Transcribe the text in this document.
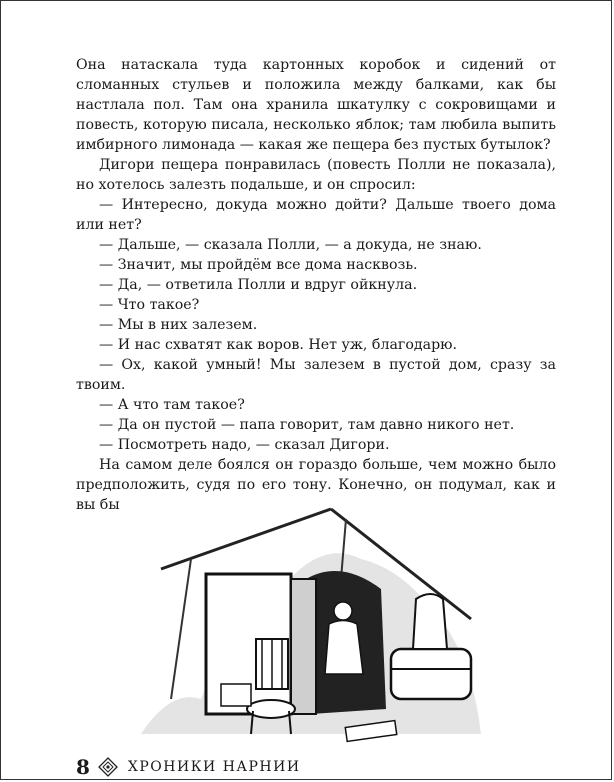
Она натаскала туда картонных коробок и сидений от сломанных стульев и положила между балками, как бы настлала пол. Там она хранила шкатулку с сокровищами и повесть, которую писала, несколько яблок; там любила выпить имбирного лимонада — какая же пещера без пустых бутылок?

Дигори пещера понравилась (повесть Полли не показала), но хотелось залезть подальше, и он спросил:

— Интересно, докуда можно дойти? Дальше твоего дома или нет?

— Дальше, — сказала Полли, — а докуда, не знаю.

— Значит, мы пройдём все дома насквозь.

— Да, — ответила Полли и вдруг ойкнула.

— Что такое?

— Мы в них залезем.

— И нас схватят как воров. Нет уж, благодарю.

— Ох, какой умный! Мы залезем в пустой дом, сразу за твоим.

— А что там такое?

— Да он пустой — папа говорит, там давно никого нет.

— Посмотреть надо, — сказал Дигори.

На самом деле боялся он гораздо больше, чем можно было предположить, судя по его тону. Конечно, он подумал, как и вы бы

8	ХРОНИКИ НАРНИИ
